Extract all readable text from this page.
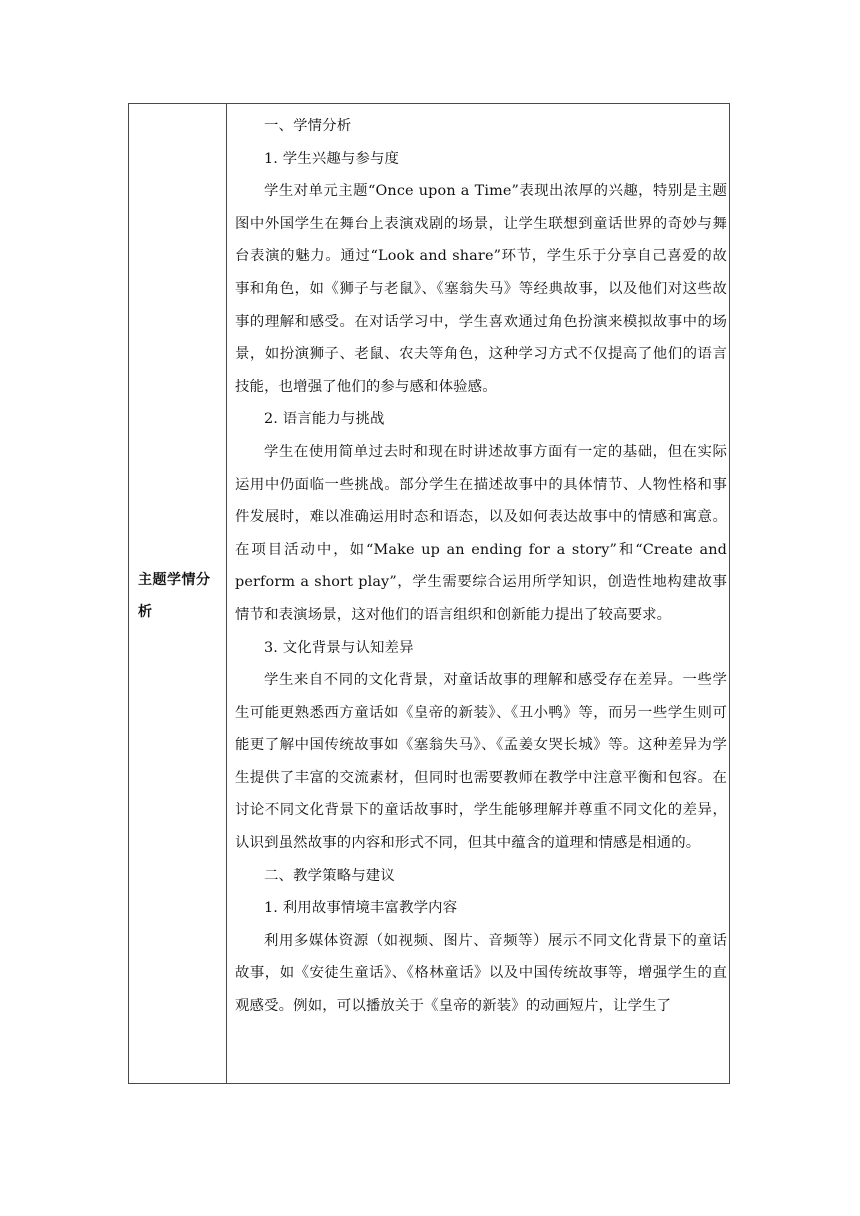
主题学情分析

一、学情分析

1. 学生兴趣与参与度

学生对单元主题“Once upon a Time”表现出浓厚的兴趣，特别是主题图中外国学生在舞台上表演戏剧的场景，让学生联想到童话世界的奇妙与舞台表演的魅力。通过“Look and share”环节，学生乐于分享自己喜爱的故事和角色，如《狮子与老鼠》、《塞翁失马》等经典故事，以及他们对这些故事的理解和感受。在对话学习中，学生喜欢通过角色扮演来模拟故事中的场景，如扮演狮子、老鼠、农夫等角色，这种学习方式不仅提高了他们的语言技能，也增强了他们的参与感和体验感。

2. 语言能力与挑战

学生在使用简单过去时和现在时讲述故事方面有一定的基础，但在实际运用中仍面临一些挑战。部分学生在描述故事中的具体情节、人物性格和事件发展时，难以准确运用时态和语态，以及如何表达故事中的情感和寓意。在项目活动中，如“Make up an ending for a story”和“Create and perform a short play”，学生需要综合运用所学知识，创造性地构建故事情节和表演场景，这对他们的语言组织和创新能力提出了较高要求。

3. 文化背景与认知差异

学生来自不同的文化背景，对童话故事的理解和感受存在差异。一些学生可能更熟悉西方童话如《皇帝的新装》、《丑小鸭》等，而另一些学生则可能更了解中国传统故事如《塞翁失马》、《孟姜女哭长城》等。这种差异为学生提供了丰富的交流素材，但同时也需要教师在教学中注意平衡和包容。在讨论不同文化背景下的童话故事时，学生能够理解并尊重不同文化的差异，认识到虽然故事的内容和形式不同，但其中蕴含的道理和情感是相通的。

二、教学策略与建议

1. 利用故事情境丰富教学内容

利用多媒体资源（如视频、图片、音频等）展示不同文化背景下的童话故事，如《安徒生童话》、《格林童话》以及中国传统故事等，增强学生的直观感受。例如，可以播放关于《皇帝的新装》的动画短片，让学生了
